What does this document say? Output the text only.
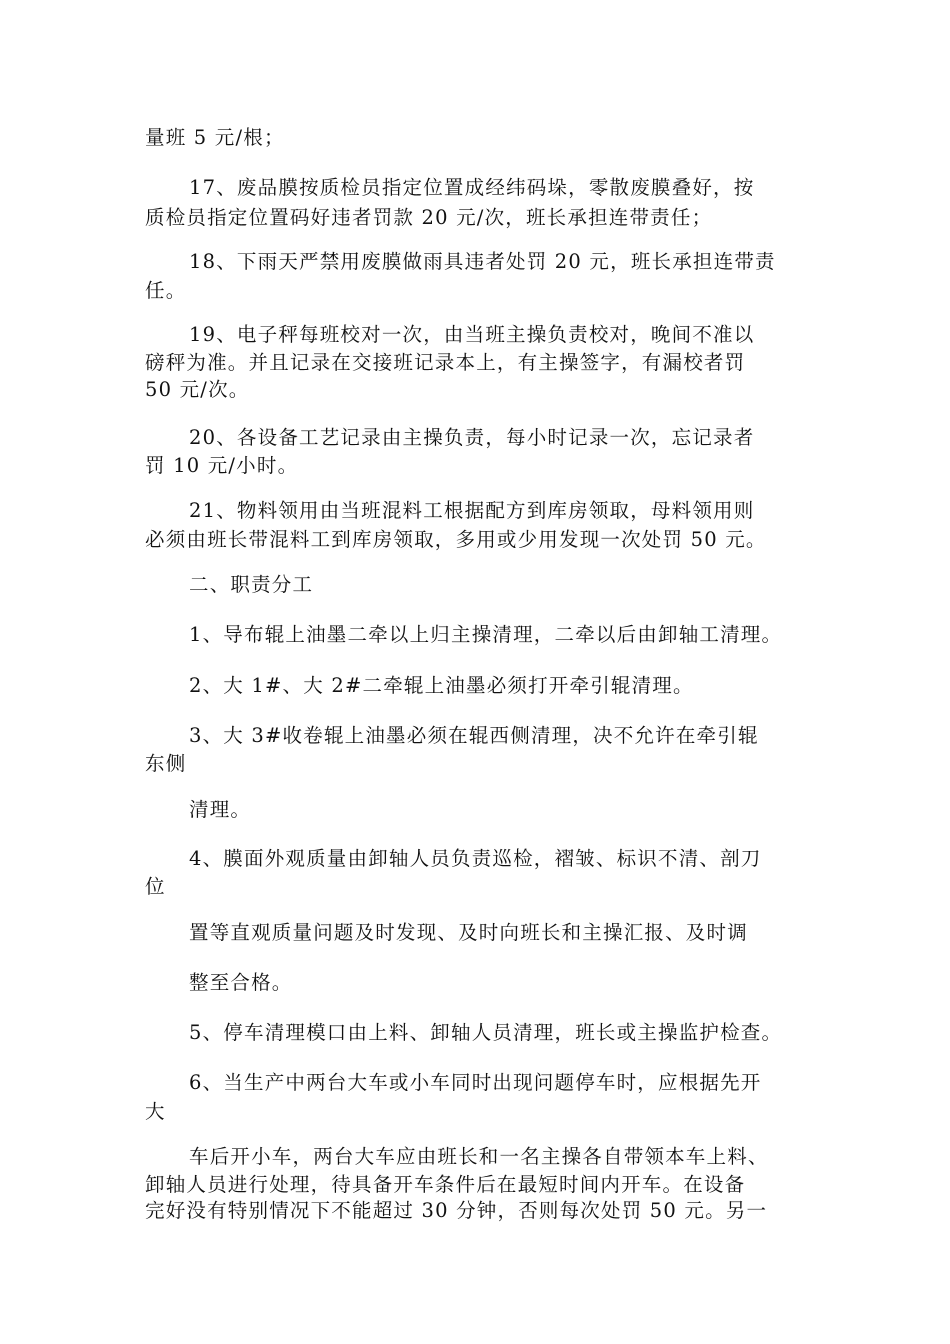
量班 5 元/根；
17、废品膜按质检员指定位置成经纬码垛，零散废膜叠好，按
质检员指定位置码好违者罚款 20 元/次，班长承担连带责任；
18、下雨天严禁用废膜做雨具违者处罚 20 元，班长承担连带责
任。
19、电子秤每班校对一次，由当班主操负责校对，晚间不准以
磅秤为准。并且记录在交接班记录本上，有主操签字，有漏校者罚
50 元/次。
20、各设备工艺记录由主操负责，每小时记录一次，忘记录者
罚 10 元/小时。
21、物料领用由当班混料工根据配方到库房领取，母料领用则
必须由班长带混料工到库房领取，多用或少用发现一次处罚 50 元。
二、职责分工
1、导布辊上油墨二牵以上归主操清理，二牵以后由卸轴工清理。
2、大 1#、大 2#二牵辊上油墨必须打开牵引辊清理。
3、大 3#收卷辊上油墨必须在辊西侧清理，决不允许在牵引辊
东侧
清理。
4、膜面外观质量由卸轴人员负责巡检，褶皱、标识不清、剖刀
位
置等直观质量问题及时发现、及时向班长和主操汇报、及时调
整至合格。
5、停车清理模口由上料、卸轴人员清理，班长或主操监护检查。
6、当生产中两台大车或小车同时出现问题停车时，应根据先开
大
车后开小车，两台大车应由班长和一名主操各自带领本车上料、
卸轴人员进行处理，待具备开车条件后在最短时间内开车。在设备
完好没有特别情况下不能超过 30 分钟，否则每次处罚 50 元。另一
